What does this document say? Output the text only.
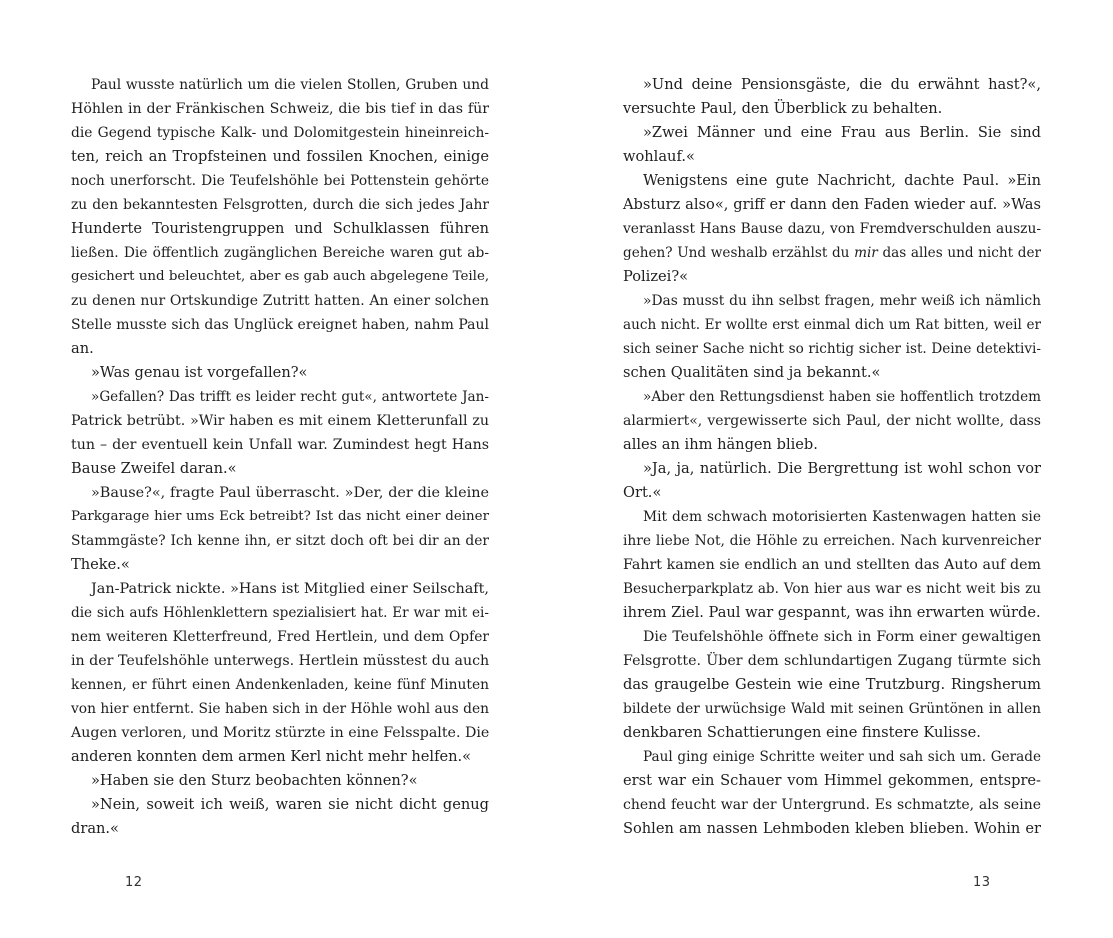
Paul wusste natürlich um die vielen Stollen, Gruben und
Höhlen in der Fränkischen Schweiz, die bis tief in das für
die Gegend typische Kalk- und Dolomitgestein hineinreich-
ten, reich an Tropfsteinen und fossilen Knochen, einige
noch unerforscht. Die Teufelshöhle bei Pottenstein gehörte
zu den bekanntesten Felsgrotten, durch die sich jedes Jahr
Hunderte Touristengruppen und Schulklassen führen
ließen. Die öffentlich zugänglichen Bereiche waren gut ab-
gesichert und beleuchtet, aber es gab auch abgelegene Teile,
zu denen nur Ortskundige Zutritt hatten. An einer solchen
Stelle musste sich das Unglück ereignet haben, nahm Paul
an.
»Was genau ist vorgefallen?«
»Gefallen? Das trifft es leider recht gut«, antwortete Jan-
Patrick betrübt. »Wir haben es mit einem Kletterunfall zu
tun – der eventuell kein Unfall war. Zumindest hegt Hans
Bause Zweifel daran.«
»Bause?«, fragte Paul überrascht. »Der, der die kleine
Parkgarage hier ums Eck betreibt? Ist das nicht einer deiner
Stammgäste? Ich kenne ihn, er sitzt doch oft bei dir an der
Theke.«
Jan-Patrick nickte. »Hans ist Mitglied einer Seilschaft,
die sich aufs Höhlenklettern spezialisiert hat. Er war mit ei-
nem weiteren Kletterfreund, Fred Hertlein, und dem Opfer
in der Teufelshöhle unterwegs. Hertlein müsstest du auch
kennen, er führt einen Andenkenladen, keine fünf Minuten
von hier entfernt. Sie haben sich in der Höhle wohl aus den
Augen verloren, und Moritz stürzte in eine Felsspalte. Die
anderen konnten dem armen Kerl nicht mehr helfen.«
»Haben sie den Sturz beobachten können?«
»Nein, soweit ich weiß, waren sie nicht dicht genug
dran.«
»Und deine Pensionsgäste, die du erwähnt hast?«,
versuchte Paul, den Überblick zu behalten.
»Zwei Männer und eine Frau aus Berlin. Sie sind
wohlauf.«
Wenigstens eine gute Nachricht, dachte Paul. »Ein
Absturz also«, griff er dann den Faden wieder auf. »Was
veranlasst Hans Bause dazu, von Fremdverschulden auszu-
gehen? Und weshalb erzählst du mir das alles und nicht der
Polizei?«
»Das musst du ihn selbst fragen, mehr weiß ich nämlich
auch nicht. Er wollte erst einmal dich um Rat bitten, weil er
sich seiner Sache nicht so richtig sicher ist. Deine detektivi-
schen Qualitäten sind ja bekannt.«
»Aber den Rettungsdienst haben sie hoffentlich trotzdem
alarmiert«, vergewisserte sich Paul, der nicht wollte, dass
alles an ihm hängen blieb.
»Ja, ja, natürlich. Die Bergrettung ist wohl schon vor
Ort.«
Mit dem schwach motorisierten Kastenwagen hatten sie
ihre liebe Not, die Höhle zu erreichen. Nach kurvenreicher
Fahrt kamen sie endlich an und stellten das Auto auf dem
Besucherparkplatz ab. Von hier aus war es nicht weit bis zu
ihrem Ziel. Paul war gespannt, was ihn erwarten würde.
Die Teufelshöhle öffnete sich in Form einer gewaltigen
Felsgrotte. Über dem schlundartigen Zugang türmte sich
das graugelbe Gestein wie eine Trutzburg. Ringsherum
bildete der urwüchsige Wald mit seinen Grüntönen in allen
denkbaren Schattierungen eine finstere Kulisse.
Paul ging einige Schritte weiter und sah sich um. Gerade
erst war ein Schauer vom Himmel gekommen, entspre-
chend feucht war der Untergrund. Es schmatzte, als seine
Sohlen am nassen Lehmboden kleben blieben. Wohin er
12	13
